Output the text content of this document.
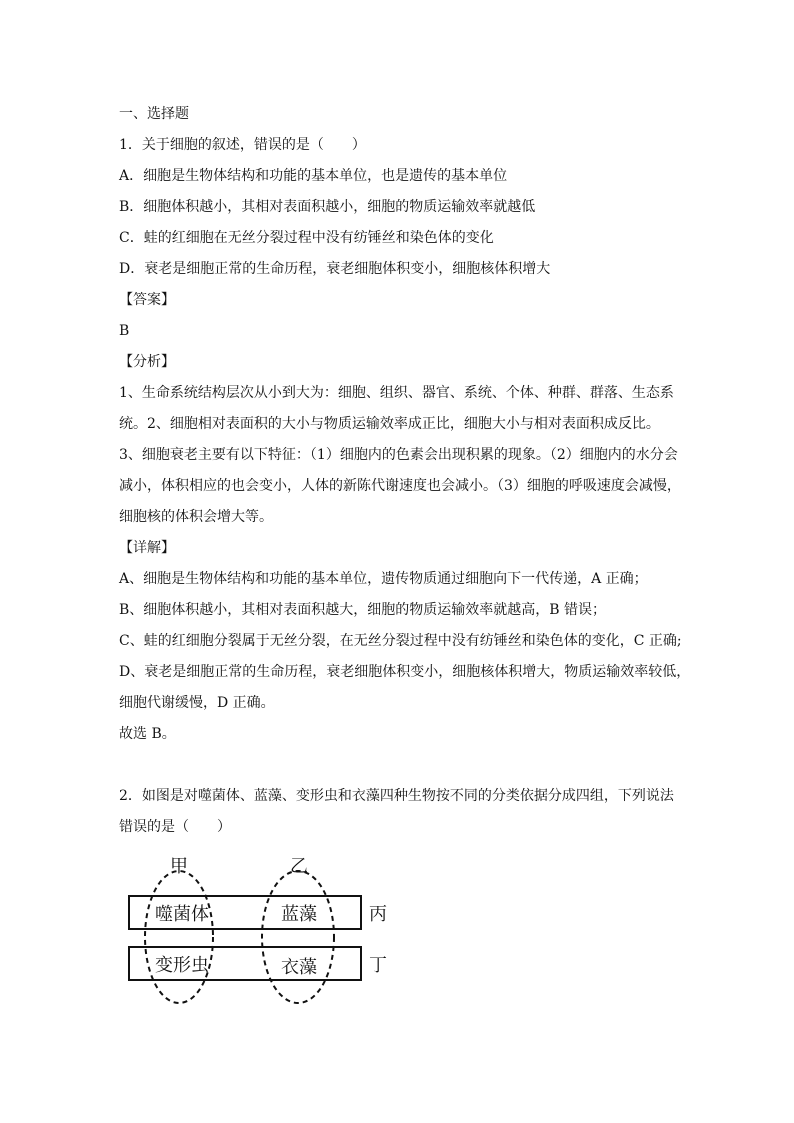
一、选择题
1．关于细胞的叙述，错误的是（　　）
A．细胞是生物体结构和功能的基本单位，也是遗传的基本单位
B．细胞体积越小，其相对表面积越小，细胞的物质运输效率就越低
C．蛙的红细胞在无丝分裂过程中没有纺锤丝和染色体的变化
D．衰老是细胞正常的生命历程，衰老细胞体积变小，细胞核体积增大
【答案】
B
【分析】
1、生命系统结构层次从小到大为：细胞、组织、器官、系统、个体、种群、群落、生态系
统。2、细胞相对表面积的大小与物质运输效率成正比，细胞大小与相对表面积成反比。
3、细胞衰老主要有以下特征：（1）细胞内的色素会出现积累的现象。（2）细胞内的水分会
减小，体积相应的也会变小，人体的新陈代谢速度也会减小。（3）细胞的呼吸速度会减慢，
细胞核的体积会增大等。
【详解】
A、细胞是生物体结构和功能的基本单位，遗传物质通过细胞向下一代传递，A 正确；
B、细胞体积越小，其相对表面积越大，细胞的物质运输效率就越高，B 错误；
C、蛙的红细胞分裂属于无丝分裂，在无丝分裂过程中没有纺锤丝和染色体的变化，C 正确;
D、衰老是细胞正常的生命历程，衰老细胞体积变小，细胞核体积增大，物质运输效率较低，
细胞代谢缓慢，D 正确。
故选 B。
2．如图是对噬菌体、蓝藻、变形虫和衣藻四种生物按不同的分类依据分成四组，下列说法
错误的是（　　）
甲	乙
丙
丁
噬菌体	蓝藻
变形虫	衣藻
